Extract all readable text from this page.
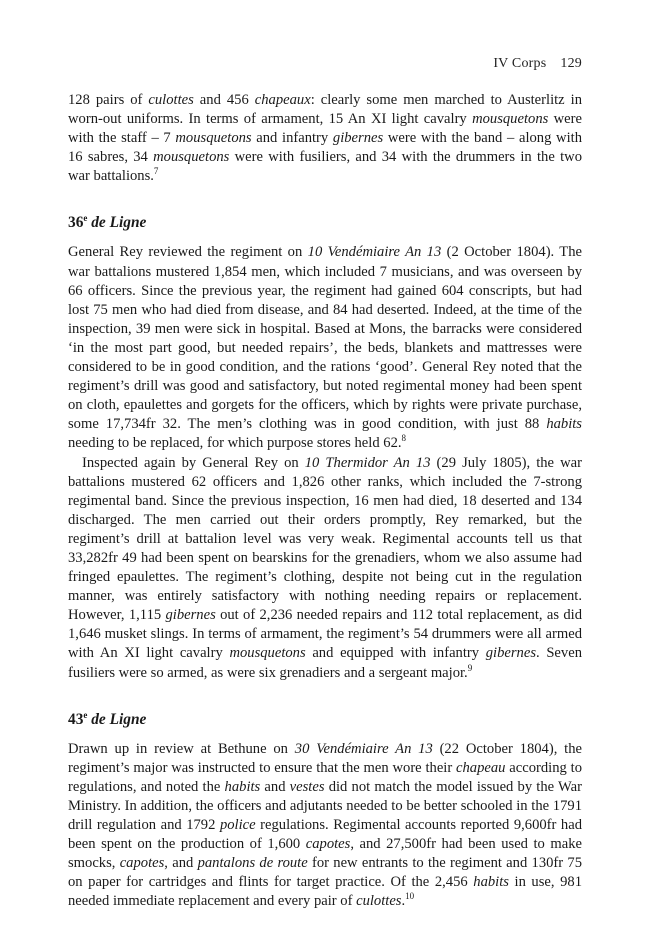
IV Corps 129

128 pairs of culottes and 456 chapeaux: clearly some men marched to Austerlitz in worn-out uniforms. In terms of armament, 15 An XI light cavalry mousquetons were with the staff – 7 mousquetons and infantry gibernes were with the band – along with 16 sabres, 34 mousquetons were with fusiliers, and 34 with the drummers in the two war battalions.$^7$

36e de Ligne

General Rey reviewed the regiment on 10 Vendémiaire An 13 (2 October 1804). The war battalions mustered 1,854 men, which included 7 musicians, and was overseen by 66 officers. Since the previous year, the regiment had gained 604 conscripts, but had lost 75 men who had died from disease, and 84 had deserted. Indeed, at the time of the inspection, 39 men were sick in hospital. Based at Mons, the barracks were considered ‘in the most part good, but needed repairs’, the beds, blankets and mattresses were considered to be in good condition, and the rations ‘good’. General Rey noted that the regiment’s drill was good and satisfactory, but noted regimental money had been spent on cloth, epaulettes and gorgets for the officers, which by rights were private purchase, some 17,734fr 32. The men’s clothing was in good condition, with just 88 habits needing to be replaced, for which purpose stores held 62.$^8$

Inspected again by General Rey on 10 Thermidor An 13 (29 July 1805), the war battalions mustered 62 officers and 1,826 other ranks, which included the 7-strong regimental band. Since the previous inspection, 16 men had died, 18 deserted and 134 discharged. The men carried out their orders promptly, Rey remarked, but the regiment’s drill at battalion level was very weak. Regimental accounts tell us that 33,282fr 49 had been spent on bearskins for the grenadiers, whom we also assume had fringed epaulettes. The regiment’s clothing, despite not being cut in the regulation manner, was entirely satisfactory with nothing needing repairs or replacement. However, 1,115 gibernes out of 2,236 needed repairs and 112 total replacement, as did 1,646 musket slings. In terms of armament, the regiment’s 54 drummers were all armed with An XI light cavalry mousquetons and equipped with infantry gibernes. Seven fusiliers were so armed, as were six grenadiers and a sergeant major.$^9$

43e de Ligne

Drawn up in review at Bethune on 30 Vendémiaire An 13 (22 October 1804), the regiment’s major was instructed to ensure that the men wore their chapeau according to regulations, and noted the habits and vestes did not match the model issued by the War Ministry. In addition, the officers and adjutants needed to be better schooled in the 1791 drill regulation and 1792 police regulations. Regimental accounts reported 9,600fr had been spent on the production of 1,600 capotes, and 27,500fr had been used to make smocks, capotes, and pantalons de route for new entrants to the regiment and 130fr 75 on paper for cartridges and flints for target practice. Of the 2,456 habits in use, 981 needed immediate replacement and every pair of culottes.$^{10}$
